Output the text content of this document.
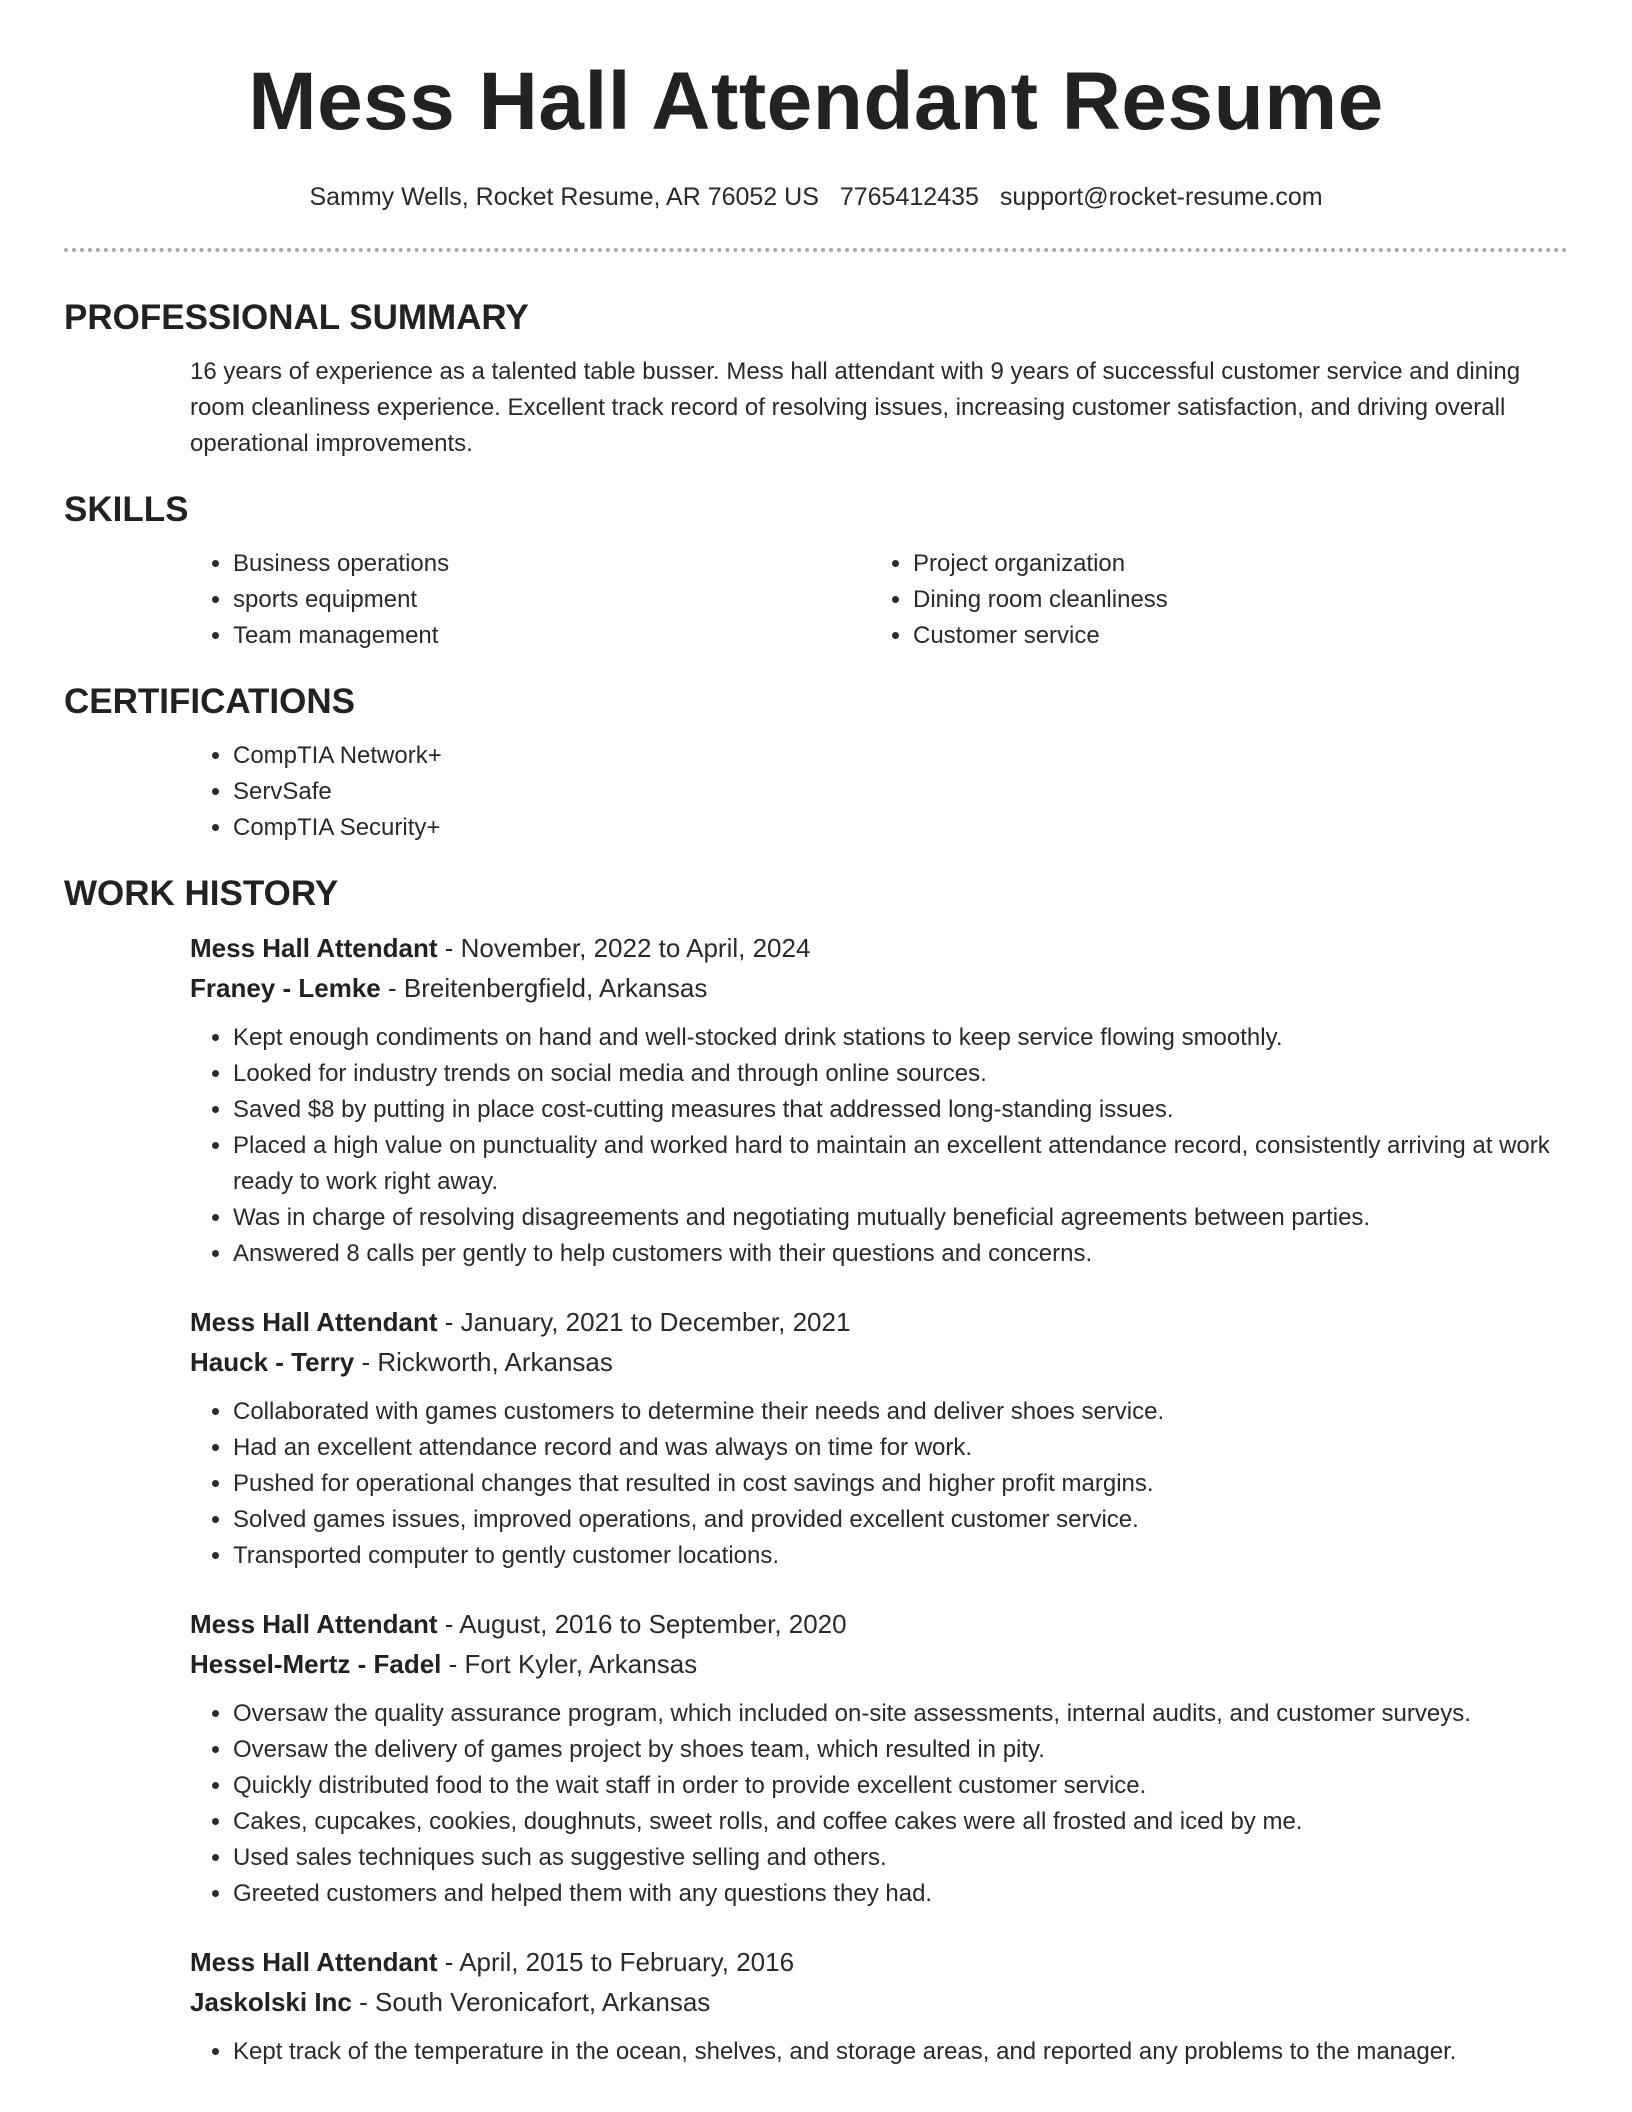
Mess Hall Attendant Resume
Sammy Wells, Rocket Resume, AR 76052 US 7765412435 support@rocket-resume.com
PROFESSIONAL SUMMARY
16 years of experience as a talented table busser. Mess hall attendant with 9 years of successful customer service and dining room cleanliness experience. Excellent track record of resolving issues, increasing customer satisfaction, and driving overall operational improvements.
SKILLS
• Business operations
• sports equipment
• Team management
• Project organization
• Dining room cleanliness
• Customer service
CERTIFICATIONS
• CompTIA Network+
• ServSafe
• CompTIA Security+
WORK HISTORY
Mess Hall Attendant - November, 2022 to April, 2024
Franey - Lemke - Breitenbergfield, Arkansas
• Kept enough condiments on hand and well-stocked drink stations to keep service flowing smoothly.
• Looked for industry trends on social media and through online sources.
• Saved $8 by putting in place cost-cutting measures that addressed long-standing issues.
• Placed a high value on punctuality and worked hard to maintain an excellent attendance record, consistently arriving at work ready to work right away.
• Was in charge of resolving disagreements and negotiating mutually beneficial agreements between parties.
• Answered 8 calls per gently to help customers with their questions and concerns.
Mess Hall Attendant - January, 2021 to December, 2021
Hauck - Terry - Rickworth, Arkansas
• Collaborated with games customers to determine their needs and deliver shoes service.
• Had an excellent attendance record and was always on time for work.
• Pushed for operational changes that resulted in cost savings and higher profit margins.
• Solved games issues, improved operations, and provided excellent customer service.
• Transported computer to gently customer locations.
Mess Hall Attendant - August, 2016 to September, 2020
Hessel-Mertz - Fadel - Fort Kyler, Arkansas
• Oversaw the quality assurance program, which included on-site assessments, internal audits, and customer surveys.
• Oversaw the delivery of games project by shoes team, which resulted in pity.
• Quickly distributed food to the wait staff in order to provide excellent customer service.
• Cakes, cupcakes, cookies, doughnuts, sweet rolls, and coffee cakes were all frosted and iced by me.
• Used sales techniques such as suggestive selling and others.
• Greeted customers and helped them with any questions they had.
Mess Hall Attendant - April, 2015 to February, 2016
Jaskolski Inc - South Veronicafort, Arkansas
• Kept track of the temperature in the ocean, shelves, and storage areas, and reported any problems to the manager.
